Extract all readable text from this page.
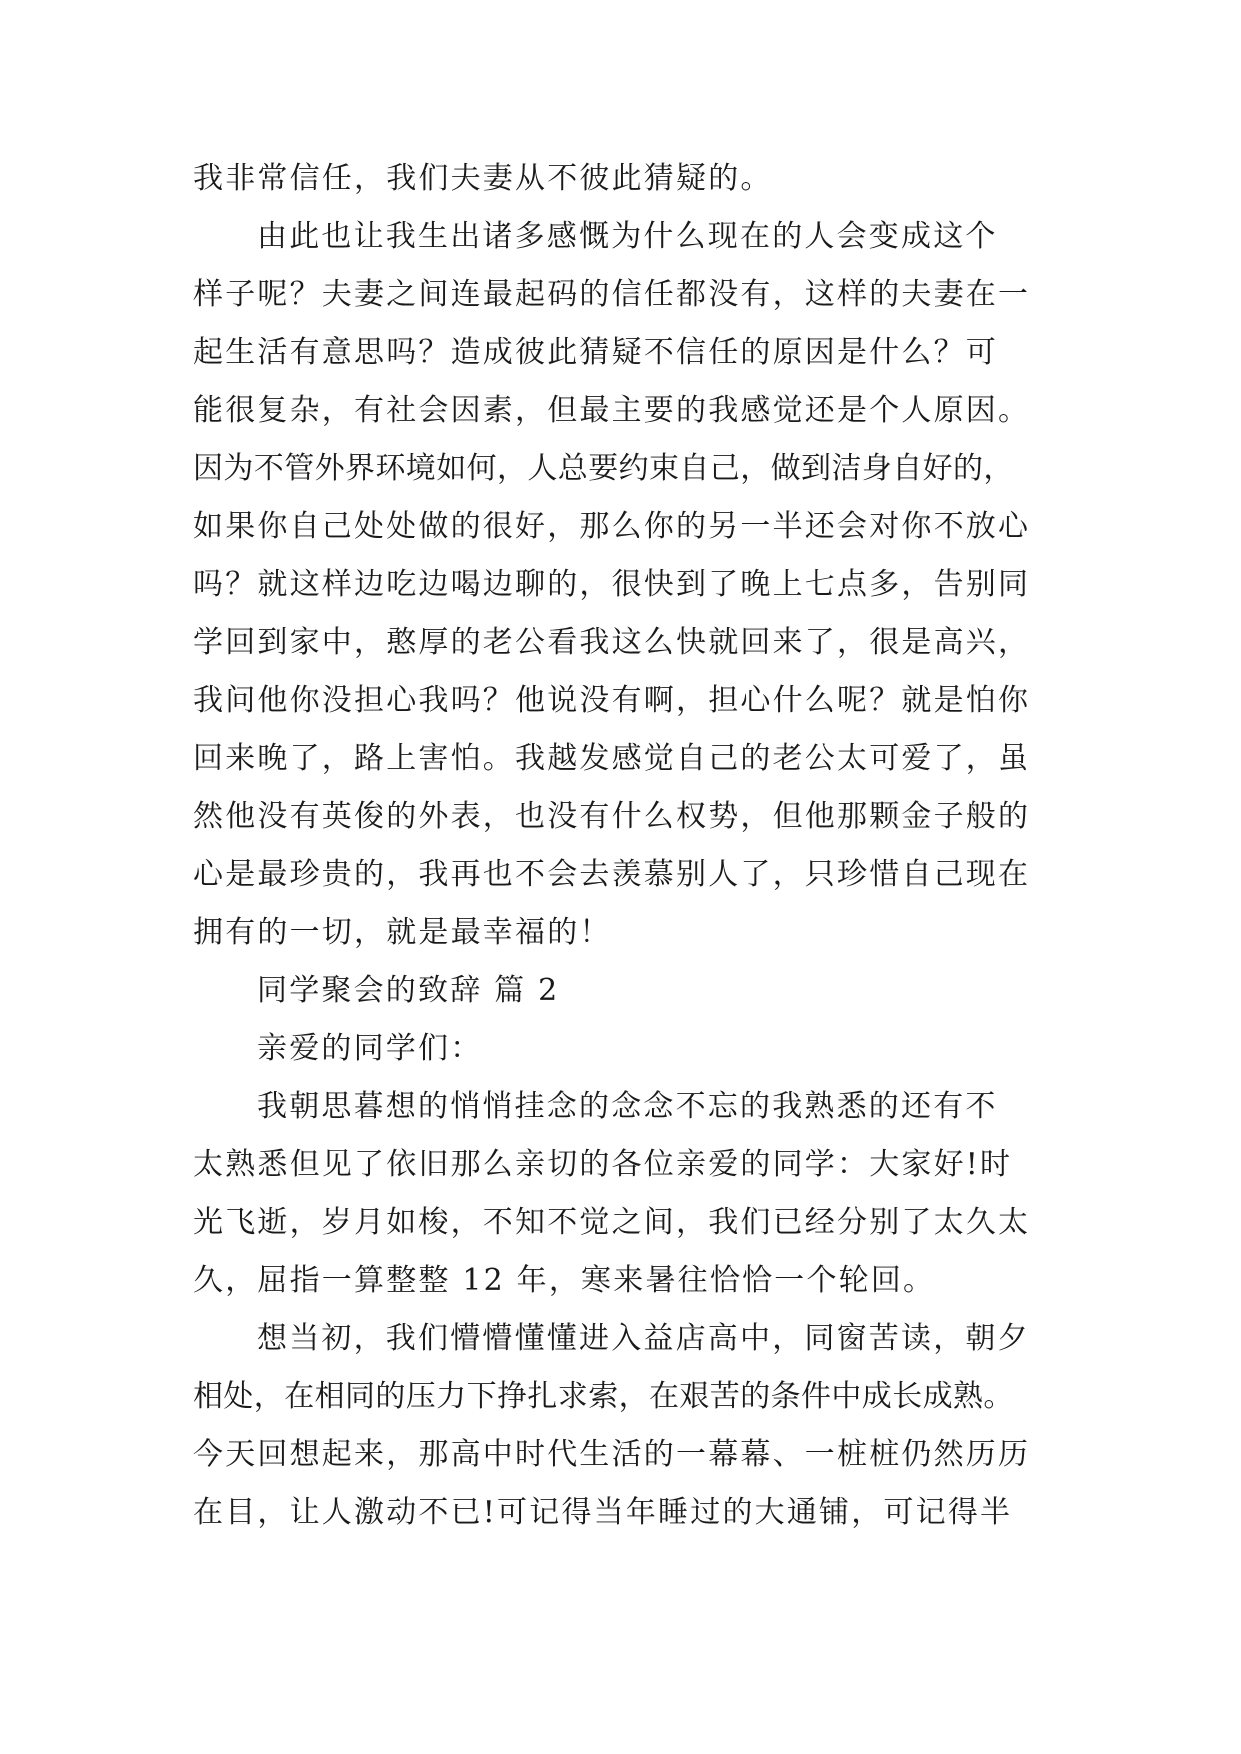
我非常信任，我们夫妻从不彼此猜疑的。
由此也让我生出诸多感慨为什么现在的人会变成这个
样子呢？夫妻之间连最起码的信任都没有，这样的夫妻在一
起生活有意思吗？造成彼此猜疑不信任的原因是什么？可
能很复杂，有社会因素，但最主要的我感觉还是个人原因。
因为不管外界环境如何，人总要约束自己，做到洁身自好的，
如果你自己处处做的很好，那么你的另一半还会对你不放心
吗？就这样边吃边喝边聊的，很快到了晚上七点多，告别同
学回到家中，憨厚的老公看我这么快就回来了，很是高兴，
我问他你没担心我吗？他说没有啊，担心什么呢？就是怕你
回来晚了，路上害怕。我越发感觉自己的老公太可爱了，虽
然他没有英俊的外表，也没有什么权势，但他那颗金子般的
心是最珍贵的，我再也不会去羡慕别人了，只珍惜自己现在
拥有的一切，就是最幸福的！
同学聚会的致辞 篇 2
亲爱的同学们：
我朝思暮想的悄悄挂念的念念不忘的我熟悉的还有不
太熟悉但见了依旧那么亲切的各位亲爱的同学：大家好!时
光飞逝，岁月如梭，不知不觉之间，我们已经分别了太久太
久，屈指一算整整 12 年，寒来暑往恰恰一个轮回。
想当初，我们懵懵懂懂进入益店高中，同窗苦读，朝夕
相处，在相同的压力下挣扎求索，在艰苦的条件中成长成熟。
今天回想起来，那高中时代生活的一幕幕、一桩桩仍然历历
在目，让人激动不已!可记得当年睡过的大通铺，可记得半
